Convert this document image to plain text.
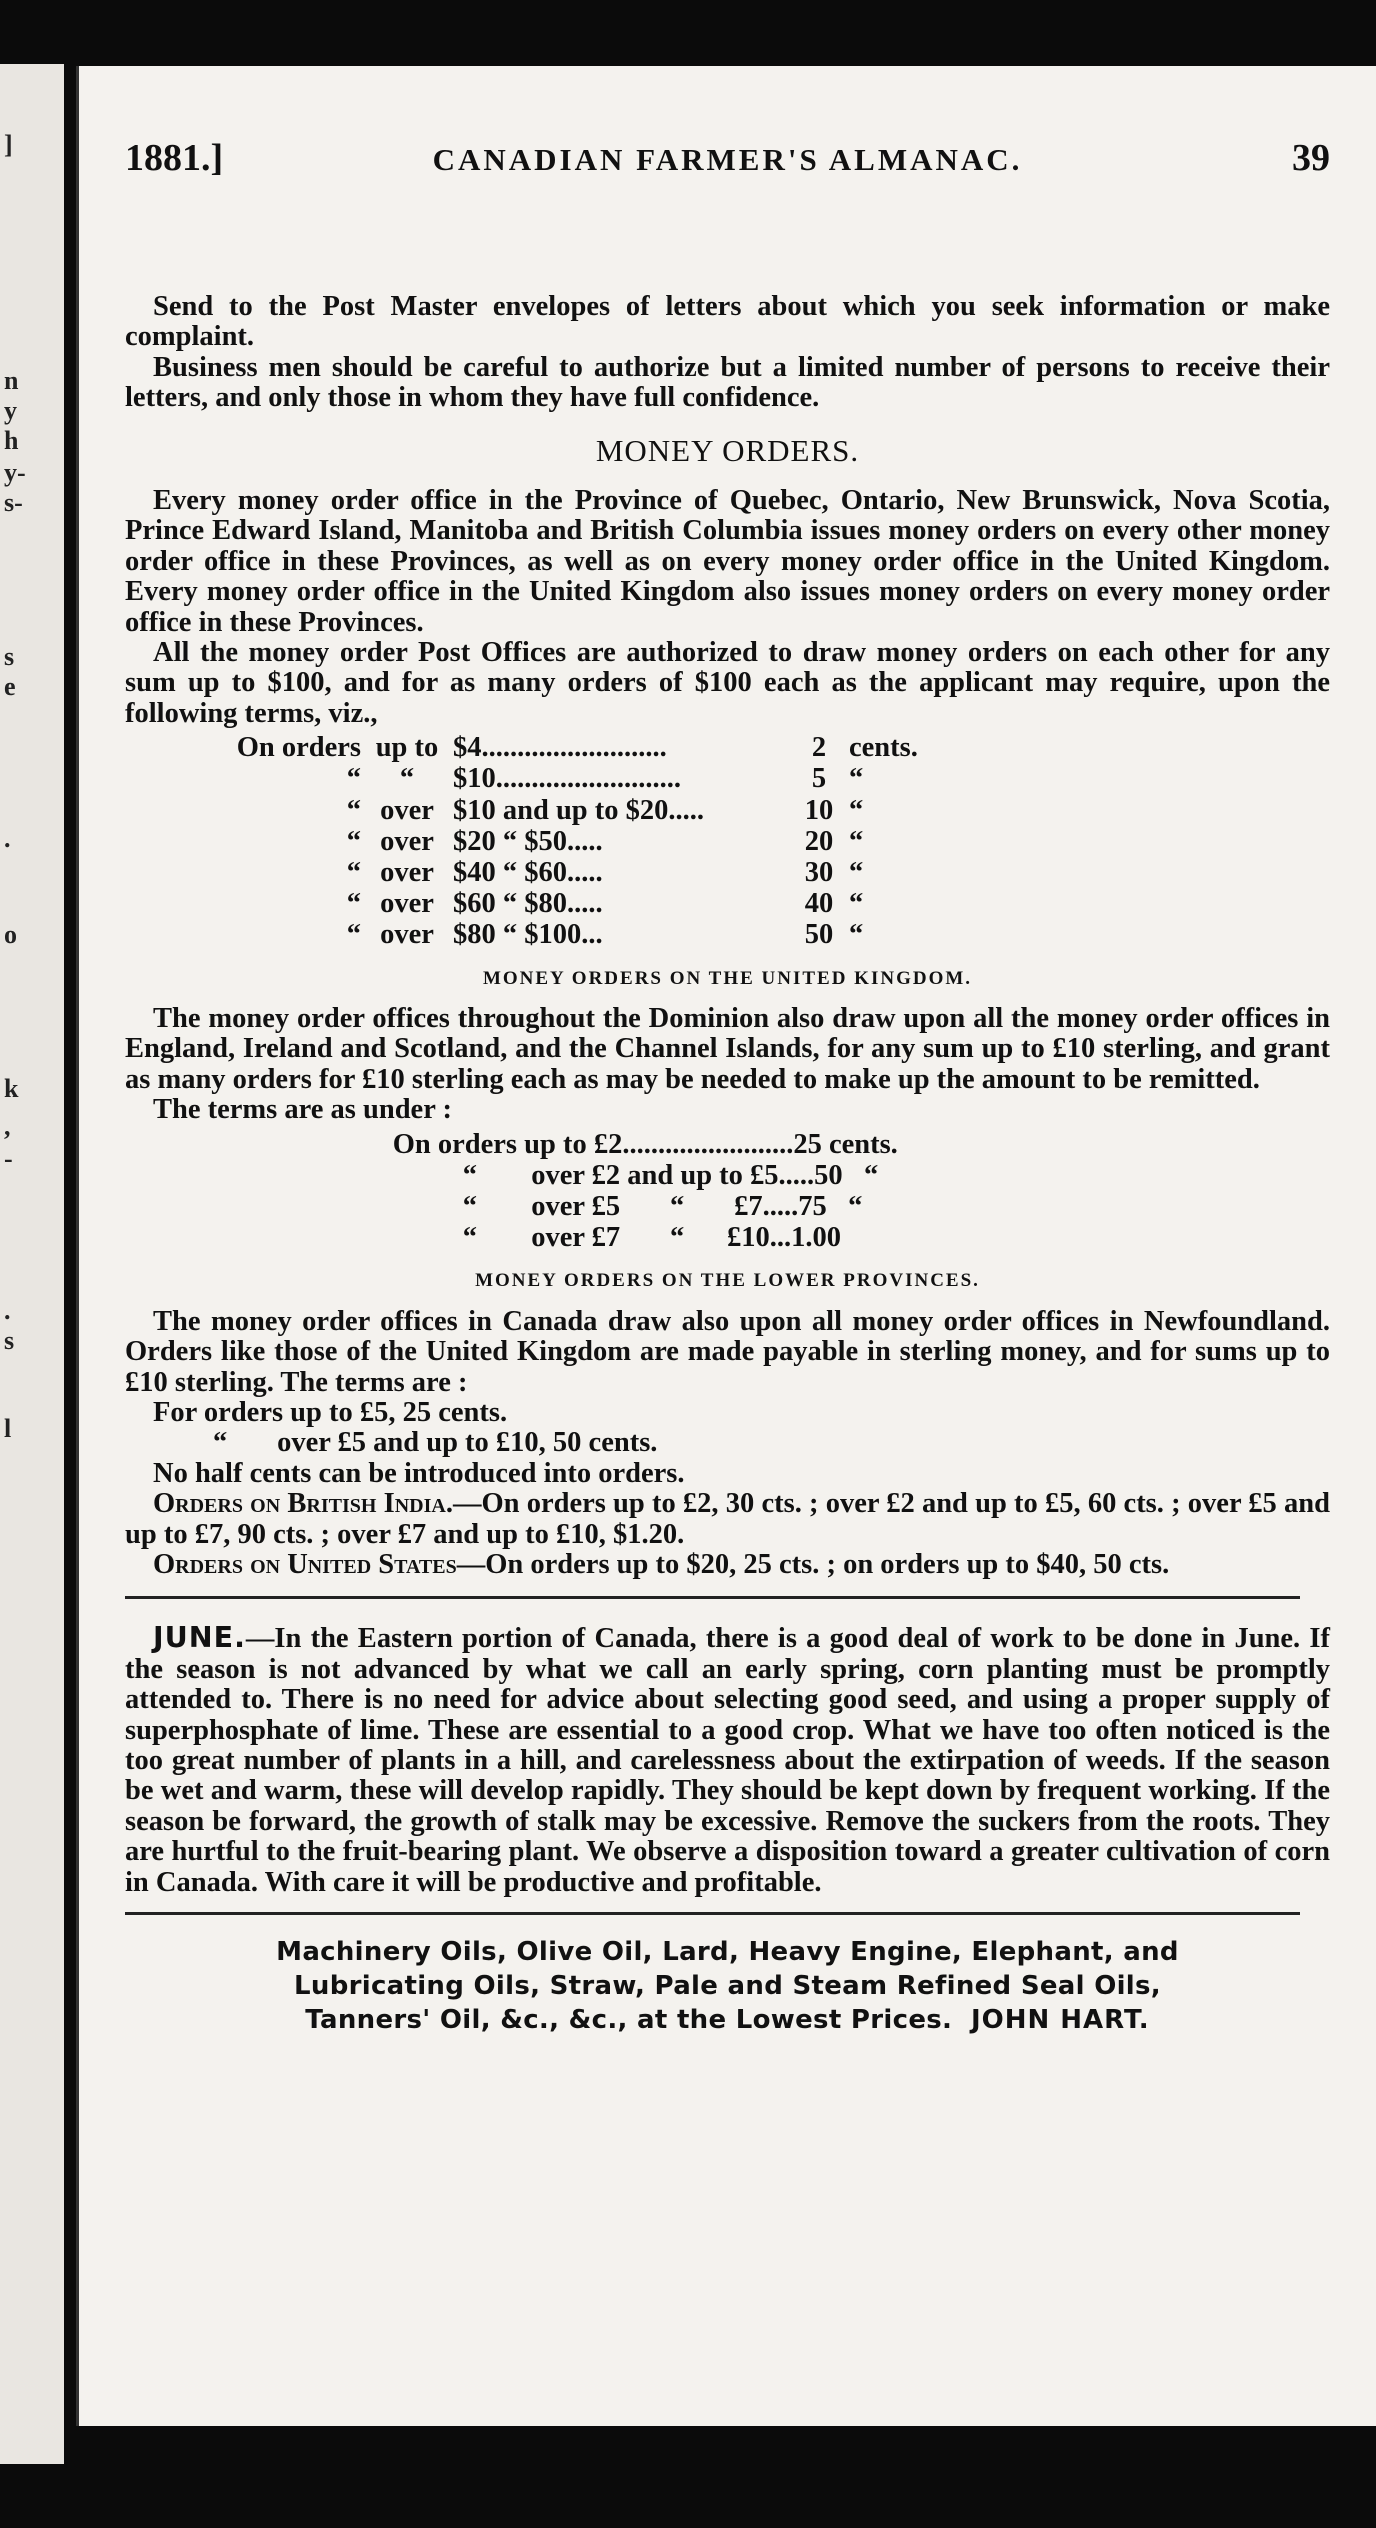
]
n
y
h
y-
s-
s
e
.
o
k
,
-
.
s
l
1881.]	CANADIAN FARMER'S ALMANAC.	39

Send to the Post Master envelopes of letters about which you seek information or make complaint.

Business men should be careful to authorize but a limited number of persons to receive their letters, and only those in whom they have full confidence.

MONEY ORDERS.

Every money order office in the Province of Quebec, Ontario, New Brunswick, Nova Scotia, Prince Edward Island, Manitoba and British Columbia issues money orders on every other money order office in these Provinces, as well as on every money order office in the United Kingdom. Every money order office in the United Kingdom also issues money orders on every money order office in these Provinces.

All the money order Post Offices are authorized to draw money orders on each other for any sum up to $100, and for as many orders of $100 each as the applicant may require, upon the following terms, viz.,

On orders up to $4..........................	2 cents.
“	“	$10..........................	5 “
“ over $10 and up to $20.....	10 “
“ over $20 “ $50.....	20 “
“ over $40 “ $60.....	30 “
“ over $60 “ $80.....	40 “
“ over $80 “ $100...	50 “
MONEY ORDERS ON THE UNITED KINGDOM.

The money order offices throughout the Dominion also draw upon all the money order offices in England, Ireland and Scotland, and the Channel Islands, for any sum up to £10 sterling, and grant as many orders for £10 sterling each as may be needed to make up the amount to be remitted.

The terms are as under :

On orders up to £2........................25 cents.
“	over £2 and up to £5.....50   “
“	over £5       “       £7.....75   “
“	over £7       “      £10...1.00
MONEY ORDERS ON THE LOWER PROVINCES.

The money order offices in Canada draw also upon all money order offices in Newfoundland. Orders like those of the United Kingdom are made payable in sterling money, and for sums up to £10 sterling. The terms are :

For orders up to £5, 25 cents.

“       over £5 and up to £10, 50 cents.

No half cents can be introduced into orders.

Orders on British India.—On orders up to £2, 30 cts. ; over £2 and up to £5, 60 cts. ; over £5 and up to £7, 90 cts. ; over £7 and up to £10, $1.20.

Orders on United States—On orders up to $20, 25 cts. ; on orders up to $40, 50 cts.

JUNE.—In the Eastern portion of Canada, there is a good deal of work to be done in June. If the season is not advanced by what we call an early spring, corn planting must be promptly attended to. There is no need for advice about selecting good seed, and using a proper supply of superphosphate of lime. These are essential to a good crop. What we have too often noticed is the too great number of plants in a hill, and carelessness about the extirpation of weeds. If the season be wet and warm, these will develop rapidly. They should be kept down by frequent working. If the season be forward, the growth of stalk may be excessive. Remove the suckers from the roots. They are hurtful to the fruit-bearing plant. We observe a disposition toward a greater cultivation of corn in Canada. With care it will be productive and profitable.

Machinery Oils, Olive Oil, Lard, Heavy Engine, Elephant, and
Lubricating Oils, Straw, Pale and Steam Refined Seal Oils,
Tanners' Oil, &c., &c., at the Lowest Prices. JOHN HART.
